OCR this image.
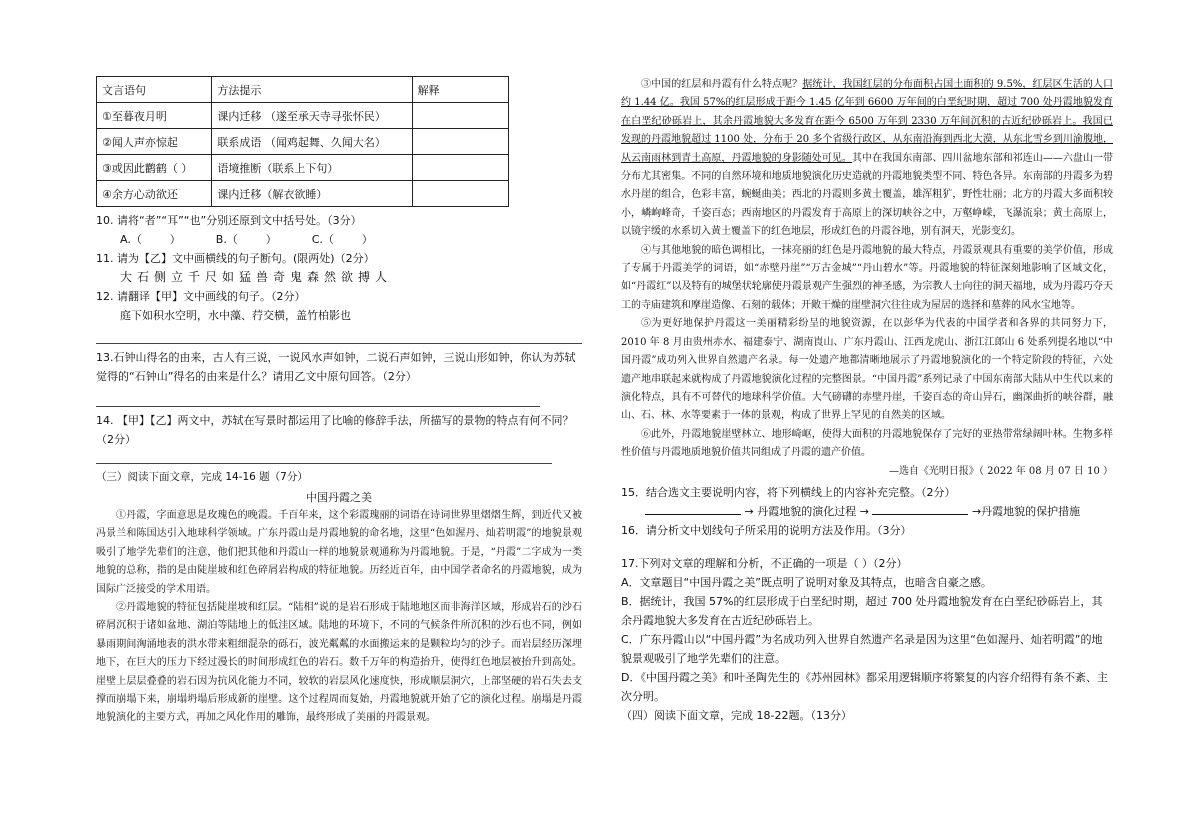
文言语句	方法提示	解释
①至暮夜月明	课内迁移 （遂至承天寺寻张怀民）	
②闻人声亦惊起	联系成语 （闻鸡起舞、久闻大名）	
③或因此鹳鹤（ ）	语境推断（联系上下句）	
④余方心动欲还	课内迁移（解衣欲睡）	
10. 请将“者”“耳”“也”分别还原到文中括号处。（3分）
A.（        ）          B.（        ）          C.（        ）
11. 请为【乙】文中画横线的句子断句。(限两处)（2分）
大石侧立千尺如猛兽奇鬼森然欲搏人
12. 请翻译【甲】文中画线的句子。（2分）
庭下如积水空明，水中藻、荇交横，盖竹柏影也
13.石钟山得名的由来，古人有三说，一说风水声如钟，二说石声如钟，三说山形如钟，你认为苏轼觉得的“石钟山”得名的由来是什么？请用乙文中原句回答。（2分）
14. 【甲】【乙】两文中，苏轼在写景时都运用了比喻的修辞手法，所描写的景物的特点有何不同？（2分）
（三）阅读下面文章，完成 14-16 题（7分）
中国丹霞之美

①丹霞，字面意思是玫瑰色的晚霞。千百年来，这个彩霞瑰丽的词语在诗词世界里熠熠生辉，到近代又被冯景兰和陈国达引入地球科学领域。广东丹霞山是丹霞地貌的命名地，这里“色如渥丹、灿若明霞”的地貌景观吸引了地学先辈们的注意，他们把其他和丹霞山一样的地貌景观通称为丹霞地貌。于是，“丹霞”二字成为一类地貌的总称，指的是由陡崖坡和红色碎屑岩构成的特征地貌。历经近百年，由中国学者命名的丹霞地貌，成为国际广泛接受的学术用语。

②丹霞地貌的特征包括陡崖坡和红层。“陆相”说的是岩石形成于陆地地区而非海洋区域，形成岩石的沙石碎屑沉积于诸如盆地、湖泊等陆地上的低洼区域。陆地的环境下，不同的气候条件所沉积的沙石也不同，例如暴雨期间洶涌地表的洪水带来粗细混杂的砾石，波光粼粼的水面搬运来的是颗粒均匀的沙子。而岩层经历深埋地下，在巨大的压力下经过漫长的时间形成红色的岩石。数千万年的构造抬升，使得红色地层被抬升到高处。崖壁上层层叠叠的岩石因为抗风化能力不同，较软的岩层风化速度快，形成顺层洞穴，上部坚硬的岩石失去支撑而崩塌下来，崩塌坍塌后形成新的崖壁。这个过程周而复始，丹霞地貌就开始了它的演化过程。崩塌是丹霞地貌演化的主要方式，再加之风化作用的雕饰，最终形成了美丽的丹霞景观。

③中国的红层和丹霞有什么特点呢？据统计，我国红层的分布面积占国土面积的 9.5%，红层区生活的人口约 1.44 亿。我国 57%的红层形成于距今 1.45 亿年到 6600 万年间的白垩纪时期，超过 700 处丹霞地貌发育在白垩纪砂砾岩上，其余丹霞地貌大多发育在距今 6500 万年到 2330 万年间沉积的古近纪砂砾岩上。我国已发现的丹霞地貌超过 1100 处，分布于 20 多个省级行政区，从东南沿海到西北大漠，从东北雪乡到川渝腹地，从云南雨林到青土高原，丹霞地貌的身影随处可见。其中在我国东南部、四川盆地东部和祁连山——六盘山一带分布尤其密集。不同的自然环境和地质地貌演化历史造就的丹霞地貌类型不同、特色各异。东南部的丹霞多为碧水丹崖的组合，色彩丰富，蜿蜒曲美；西北的丹霞则多黄土覆盖，雄浑粗犷，野性壮丽；北方的丹霞大多面积较小，嶙峋峰奇，千姿百态；西南地区的丹霞发育于高原上的深切峡谷之中，万壑峥嵘，飞瀑流泉；黄土高原上，以镜宇缓的水系切入黄土覆盖下的红色地层，形成红色的丹霞谷地，别有洞天，光影变幻。

④与其他地貌的暗色调相比，一抹亮丽的红色是丹霞地貌的最大特点，丹霞景观具有重要的美学价值，形成了专属于丹霞美学的词语，如“赤壁丹崖”“万古金城”“丹山碧水”等。丹霞地貌的特征深刻地影响了区域文化，如“丹霞红”以及特有的城堡状轮廓使丹霞景观产生强烈的神圣感，为宗教人士向往的洞天福地，成为丹霞巧夺天工的寺庙建筑和摩崖造像、石刻的载体；开敞干燥的崖壁洞穴往往成为屋居的选择和墓葬的风水宝地等。

⑤为更好地保护丹霞这一美丽精彩纷呈的地貌资源，在以彭华为代表的中国学者和各界的共同努力下，2010 年 8 月由贵州赤水、福建泰宁、湖南崀山、广东丹霞山、江西龙虎山、浙江江郎山 6 处系列提名地以“中国丹霞”成功列入世界自然遗产名录。每一处遗产地都清晰地展示了丹霞地貌演化的一个特定阶段的特征，六处遗产地串联起来就构成了丹霞地貌演化过程的完整图景。“中国丹霞”系列记录了中国东南部大陆从中生代以来的演化特点，具有不可替代的地球科学价值。大气磅礴的赤壁丹崖，千姿百态的奇山异石，幽深曲折的峡谷群，融山、石、林、水等要素于一体的景观，构成了世界上罕见的自然美的区域。

⑥此外，丹霞地貌崖壁林立、地形崎岖，使得大面积的丹霞地貌保存了完好的亚热带常绿阔叶林。生物多样性价值与丹霞地质地貌价值共同组成了丹霞的遗产价值。

—选自《光明日报》（ 2022 年 08 月 07 日 10 ）
15．结合选文主要说明内容，将下列横线上的内容补充完整。（2分）
→ 丹霞地貌的演化过程 →	→丹霞地貌的保护措施
16．请分析文中划线句子所采用的说明方法及作用。（3分）
17.下列对文章的理解和分析，不正确的一项是（ ）（2分）
A．文章题目“中国丹霞之美”既点明了说明对象及其特点，也暗含自豪之感。
B．据统计，我国 57%的红层形成于白垩纪时期，超过 700 处丹霞地貌发育在白垩纪砂砾岩上，其余丹霞地貌大多发育在古近纪砂砾岩上。
C．广东丹霞山以“中国丹霞”为名成功列入世界自然遗产名录是因为这里“色如渥丹、灿若明霞”的地貌景观吸引了地学先辈们的注意。
D．《中国丹霞之美》和叶圣陶先生的《苏州园林》都采用逻辑顺序将繁复的内容介绍得有条不紊、主次分明。
（四）阅读下面文章，完成 18-22题。（13分）
